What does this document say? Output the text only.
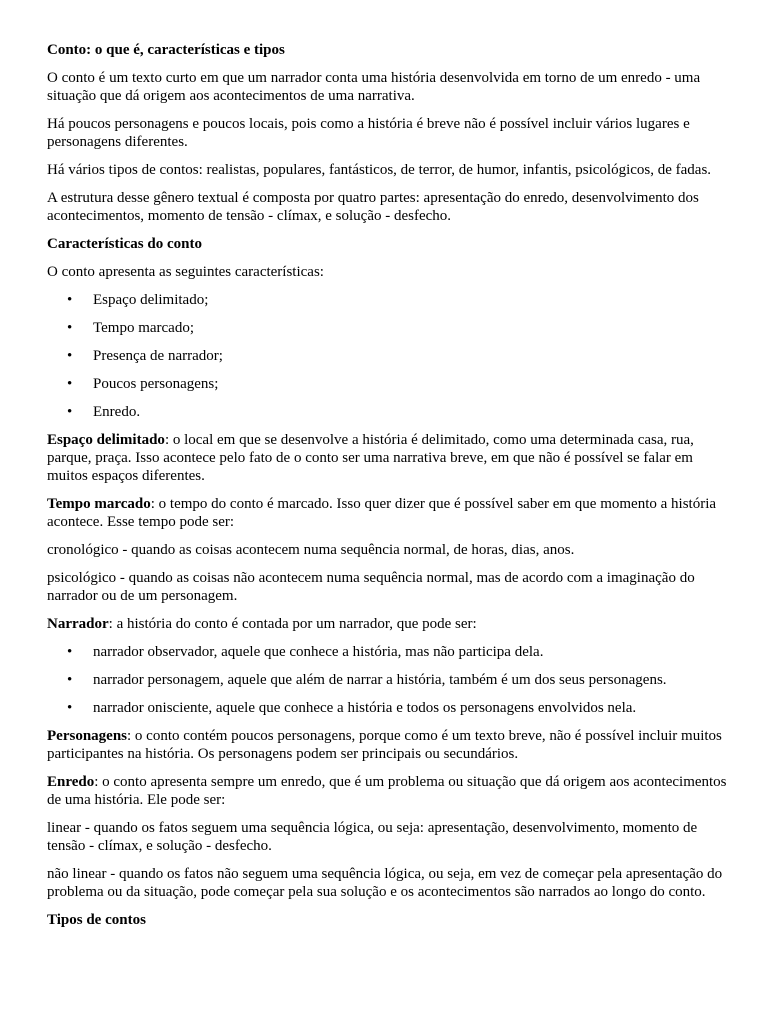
Conto: o que é, características e tipos

O conto é um texto curto em que um narrador conta uma história desenvolvida em torno de um enredo - uma situação que dá origem aos acontecimentos de uma narrativa.

Há poucos personagens e poucos locais, pois como a história é breve não é possível incluir vários lugares e personagens diferentes.

Há vários tipos de contos: realistas, populares, fantásticos, de terror, de humor, infantis, psicológicos, de fadas.

A estrutura desse gênero textual é composta por quatro partes: apresentação do enredo, desenvolvimento dos acontecimentos, momento de tensão - clímax, e solução - desfecho.

Características do conto

O conto apresenta as seguintes características:

• Espaço delimitado;
• Tempo marcado;
• Presença de narrador;
• Poucos personagens;
• Enredo.

Espaço delimitado: o local em que se desenvolve a história é delimitado, como uma determinada casa, rua, parque, praça. Isso acontece pelo fato de o conto ser uma narrativa breve, em que não é possível se falar em muitos espaços diferentes.

Tempo marcado: o tempo do conto é marcado. Isso quer dizer que é possível saber em que momento a história acontece. Esse tempo pode ser:

cronológico - quando as coisas acontecem numa sequência normal, de horas, dias, anos.

psicológico - quando as coisas não acontecem numa sequência normal, mas de acordo com a imaginação do narrador ou de um personagem.

Narrador: a história do conto é contada por um narrador, que pode ser:

• narrador observador, aquele que conhece a história, mas não participa dela.
• narrador personagem, aquele que além de narrar a história, também é um dos seus personagens.
• narrador onisciente, aquele que conhece a história e todos os personagens envolvidos nela.

Personagens: o conto contém poucos personagens, porque como é um texto breve, não é possível incluir muitos participantes na história. Os personagens podem ser principais ou secundários.

Enredo: o conto apresenta sempre um enredo, que é um problema ou situação que dá origem aos acontecimentos de uma história. Ele pode ser:

linear - quando os fatos seguem uma sequência lógica, ou seja: apresentação, desenvolvimento, momento de tensão - clímax, e solução - desfecho.

não linear - quando os fatos não seguem uma sequência lógica, ou seja, em vez de começar pela apresentação do problema ou da situação, pode começar pela sua solução e os acontecimentos são narrados ao longo do conto.

Tipos de contos
